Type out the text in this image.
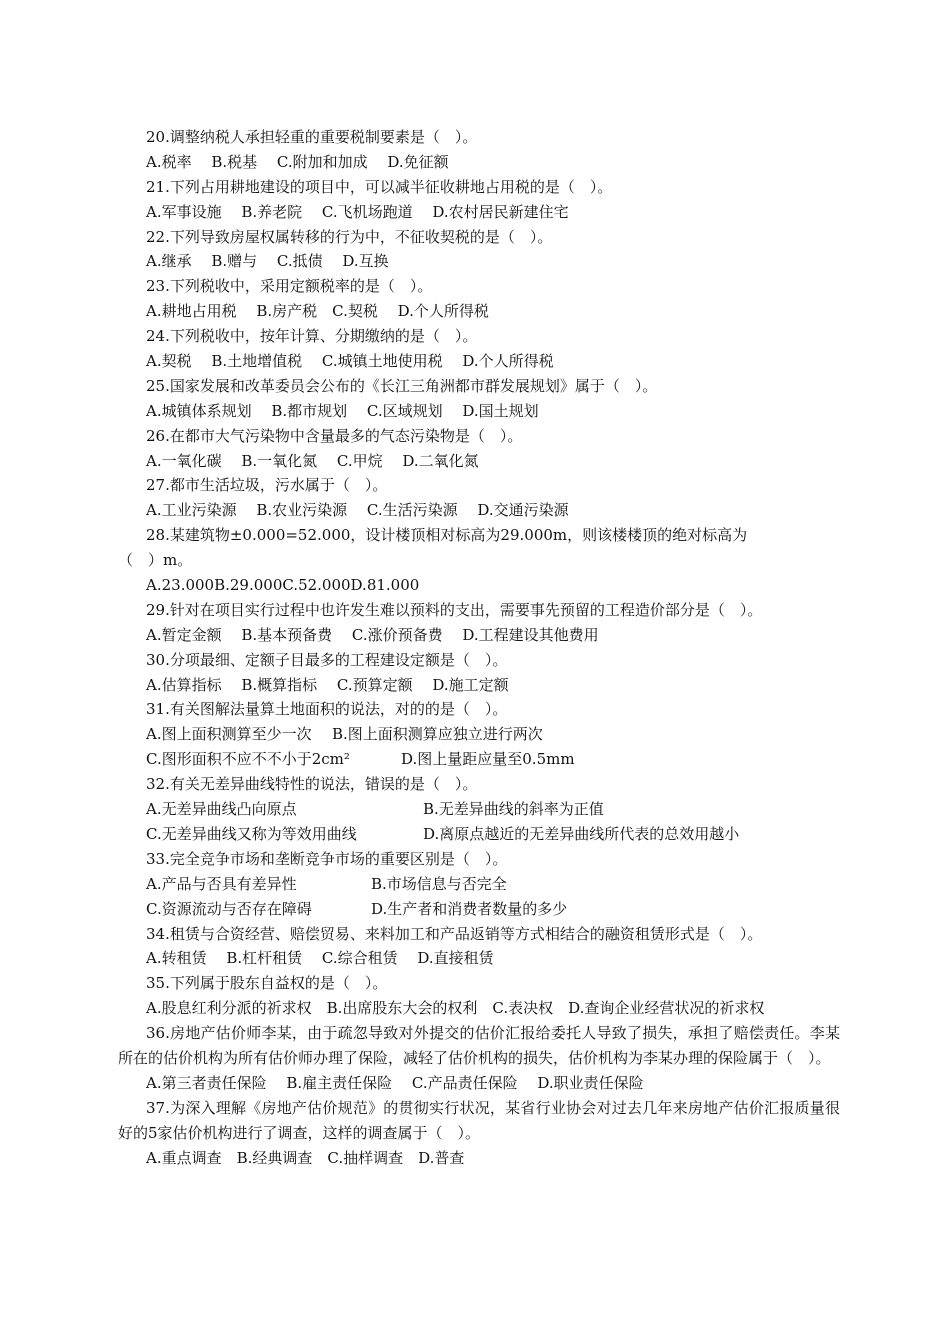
20.调整纳税人承担轻重的重要税制要素是（　）。
A.税率　 B.税基　 C.附加和加成　 D.免征额
21.下列占用耕地建设的项目中，可以减半征收耕地占用税的是（　）。
A.军事设施　 B.养老院　 C.飞机场跑道　 D.农村居民新建住宅
22.下列导致房屋权属转移的行为中，不征收契税的是（　）。
A.继承　 B.赠与　 C.抵债　 D.互换
23.下列税收中，采用定额税率的是（　）。
A.耕地占用税　 B.房产税　C.契税　 D.个人所得税
24.下列税收中，按年计算、分期缴纳的是（　）。
A.契税　 B.土地增值税　 C.城镇土地使用税　 D.个人所得税
25.国家发展和改革委员会公布的《长江三角洲都市群发展规划》属于（　）。
A.城镇体系规划　 B.都市规划　 C.区域规划　 D.国土规划
26.在都市大气污染物中含量最多的气态污染物是（　）。
A.一氧化碳　 B.一氧化氮　 C.甲烷　 D.二氧化氮
27.都市生活垃圾，污水属于（　）。
A.工业污染源　 B.农业污染源　 C.生活污染源　 D.交通污染源
28.某建筑物±0.000=52.000，设计楼顶相对标高为29.000m，则该楼楼顶的绝对标高为
（　）m。
A.23.000B.29.000C.52.000D.81.000
29.针对在项目实行过程中也许发生难以预料的支出，需要事先预留的工程造价部分是（　）。
A.暂定金额　 B.基本预备费　 C.涨价预备费　 D.工程建设其他费用
30.分项最细、定额子目最多的工程建设定额是（　）。
A.估算指标　 B.概算指标　 C.预算定额　 D.施工定额
31.有关图解法量算土地面积的说法，对的的是（　）。
A.图上面积测算至少一次	B.图上面积测算应独立进行两次
C.图形面积不应不不小于2cm²	D.图上量距应量至0.5mm
32.有关无差异曲线特性的说法，错误的是（　）。
A.无差异曲线凸向原点	B.无差异曲线的斜率为正值
C.无差异曲线又称为等效用曲线	D.离原点越近的无差异曲线所代表的总效用越小
33.完全竞争市场和垄断竞争市场的重要区别是（　）。
A.产品与否具有差异性	B.市场信息与否完全
C.资源流动与否存在障碍	D.生产者和消费者数量的多少
34.租赁与合资经营、赔偿贸易、来料加工和产品返销等方式相结合的融资租赁形式是（　）。
A.转租赁　 B.杠杆租赁　 C.综合租赁　 D.直接租赁
35.下列属于股东自益权的是（　）。
A.股息红利分派的祈求权　B.出席股东大会的权利　C.表决权　D.查询企业经营状况的祈求权
36.房地产估价师李某，由于疏忽导致对外提交的估价汇报给委托人导致了损失，承担了赔偿责任。李某所在的估价机构为所有估价师办理了保险，减轻了估价机构的损失，估价机构为李某办理的保险属于（　）。
A.第三者责任保险　 B.雇主责任保险　 C.产品责任保险　 D.职业责任保险
37.为深入理解《房地产估价规范》的贯彻实行状况，某省行业协会对过去几年来房地产估价汇报质量很好的5家估价机构进行了调查，这样的调查属于（　）。
A.重点调查　B.经典调查　C.抽样调查　D.普查
